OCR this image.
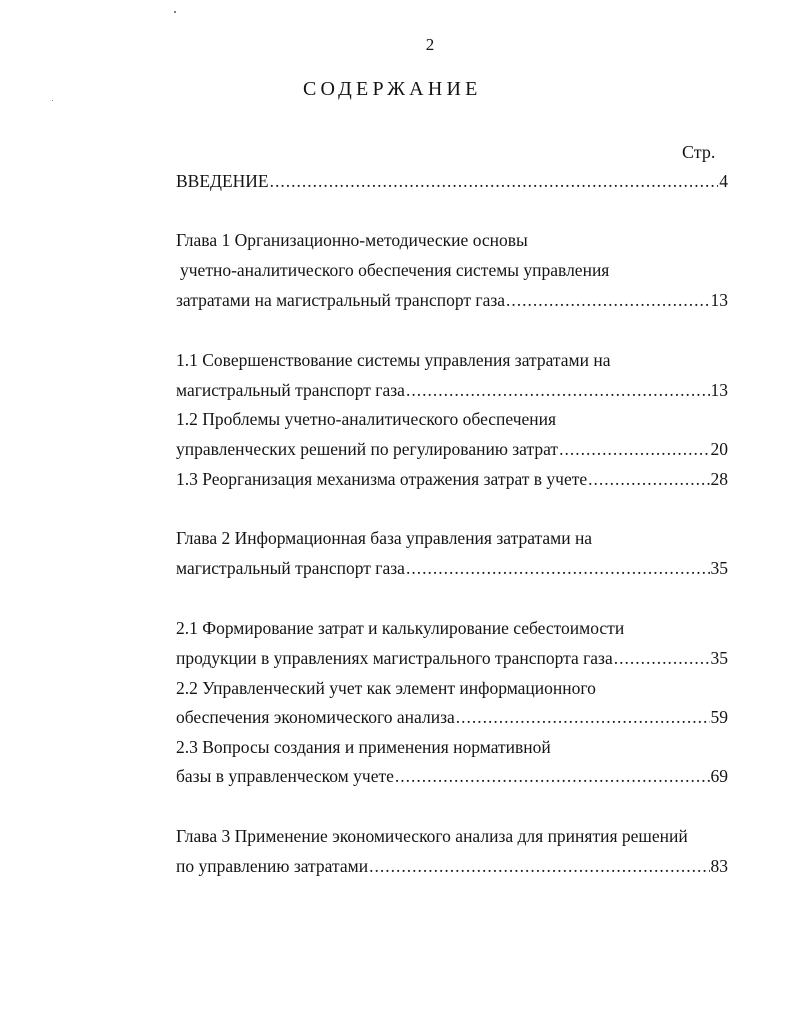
2
СОДЕРЖАНИЕ
Стр.
ВВЕДЕНИЕ .....	4
Глава 1 Организационно-методические основы
учетно-аналитического обеспечения системы управления
затратами на магистральный транспорт газа .....	13
1.1 Совершенствование системы управления затратами на
магистральный транспорт газа .....	13
1.2 Проблемы учетно-аналитического обеспечения
управленческих решений по регулированию затрат .....	20
1.3 Реорганизация механизма отражения затрат в учете .....	28
Глава 2 Информационная база управления затратами на
магистральный транспорт газа .....	35
2.1 Формирование затрат и калькулирование себестоимости
продукции в управлениях магистрального транспорта газа .....	35
2.2 Управленческий учет как элемент информационного
обеспечения экономического анализа .....	59
2.3 Вопросы создания и применения нормативной
базы в управленческом учете .....	69
Глава 3 Применение экономического анализа для принятия решений
по управлению затратами .....	83
